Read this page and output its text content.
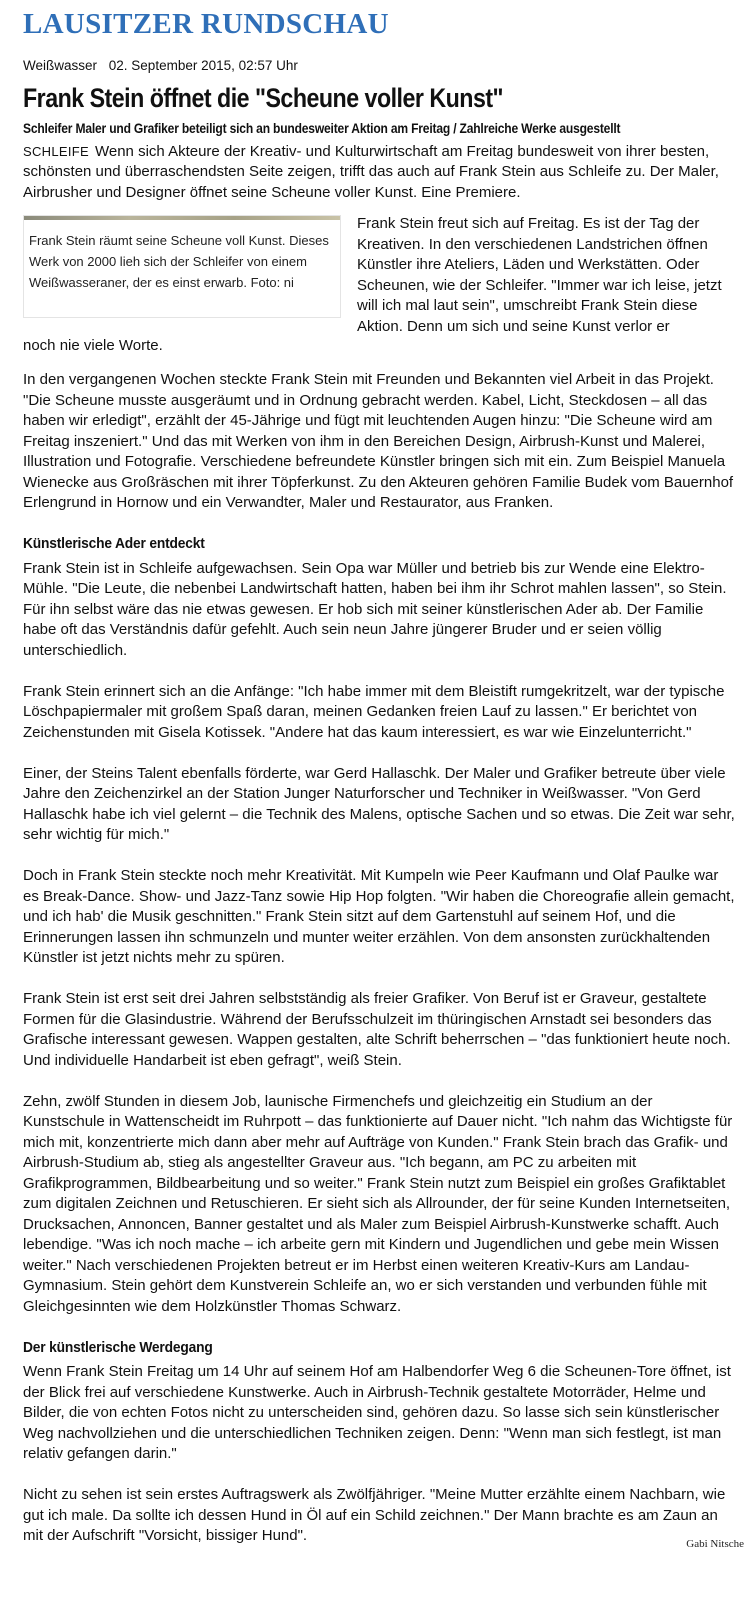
LAUSITZER RUNDSCHAU
Weißwasser 02. September 2015, 02:57 Uhr
Frank Stein öffnet die "Scheune voller Kunst"
Schleifer Maler und Grafiker beteiligt sich an bundesweiter Aktion am Freitag / Zahlreiche Werke ausgestellt

SCHLEIFE Wenn sich Akteure der Kreativ- und Kulturwirtschaft am Freitag bundesweit von ihrer besten, schönsten und überraschendsten Seite zeigen, trifft das auch auf Frank Stein aus Schleife zu. Der Maler, Airbrusher und Designer öffnet seine Scheune voller Kunst. Eine Premiere.

Frank Stein räumt seine Scheune voll Kunst. Dieses Werk von 2000 lieh sich der Schleifer von einem Weißwasseraner, der es einst erwarb. Foto: ni

Frank Stein freut sich auf Freitag. Es ist der Tag der Kreativen. In den verschiedenen Landstrichen öffnen Künstler ihre Ateliers, Läden und Werkstätten. Oder Scheunen, wie der Schleifer. "Immer war ich leise, jetzt will ich mal laut sein", umschreibt Frank Stein diese Aktion. Denn um sich und seine Kunst verlor er

noch nie viele Worte.

In den vergangenen Wochen steckte Frank Stein mit Freunden und Bekannten viel Arbeit in das Projekt. "Die Scheune musste ausgeräumt und in Ordnung gebracht werden. Kabel, Licht, Steckdosen – all das haben wir erledigt", erzählt der 45-Jährige und fügt mit leuchtenden Augen hinzu: "Die Scheune wird am Freitag inszeniert." Und das mit Werken von ihm in den Bereichen Design, Airbrush-Kunst und Malerei, Illustration und Fotografie. Verschiedene befreundete Künstler bringen sich mit ein. Zum Beispiel Manuela Wienecke aus Großräschen mit ihrer Töpferkunst. Zu den Akteuren gehören Familie Budek vom Bauernhof Erlengrund in Hornow und ein Verwandter, Maler und Restaurator, aus Franken.

Künstlerische Ader entdeckt

Frank Stein ist in Schleife aufgewachsen. Sein Opa war Müller und betrieb bis zur Wende eine Elektro-Mühle. "Die Leute, die nebenbei Landwirtschaft hatten, haben bei ihm ihr Schrot mahlen lassen", so Stein. Für ihn selbst wäre das nie etwas gewesen. Er hob sich mit seiner künstlerischen Ader ab. Der Familie habe oft das Verständnis dafür gefehlt. Auch sein neun Jahre jüngerer Bruder und er seien völlig unterschiedlich.

Frank Stein erinnert sich an die Anfänge: "Ich habe immer mit dem Bleistift rumgekritzelt, war der typische Löschpapiermaler mit großem Spaß daran, meinen Gedanken freien Lauf zu lassen." Er berichtet von Zeichenstunden mit Gisela Kotissek. "Andere hat das kaum interessiert, es war wie Einzelunterricht."

Einer, der Steins Talent ebenfalls förderte, war Gerd Hallaschk. Der Maler und Grafiker betreute über viele Jahre den Zeichenzirkel an der Station Junger Naturforscher und Techniker in Weißwasser. "Von Gerd Hallaschk habe ich viel gelernt – die Technik des Malens, optische Sachen und so etwas. Die Zeit war sehr, sehr wichtig für mich."

Doch in Frank Stein steckte noch mehr Kreativität. Mit Kumpeln wie Peer Kaufmann und Olaf Paulke war es Break-Dance. Show- und Jazz-Tanz sowie Hip Hop folgten. "Wir haben die Choreografie allein gemacht, und ich hab' die Musik geschnitten." Frank Stein sitzt auf dem Gartenstuhl auf seinem Hof, und die Erinnerungen lassen ihn schmunzeln und munter weiter erzählen. Von dem ansonsten zurückhaltenden Künstler ist jetzt nichts mehr zu spüren.

Frank Stein ist erst seit drei Jahren selbstständig als freier Grafiker. Von Beruf ist er Graveur, gestaltete Formen für die Glasindustrie. Während der Berufsschulzeit im thüringischen Arnstadt sei besonders das Grafische interessant gewesen. Wappen gestalten, alte Schrift beherrschen – "das funktioniert heute noch. Und individuelle Handarbeit ist eben gefragt", weiß Stein.

Zehn, zwölf Stunden in diesem Job, launische Firmenchefs und gleichzeitig ein Studium an der Kunstschule in Wattenscheidt im Ruhrpott – das funktionierte auf Dauer nicht. "Ich nahm das Wichtigste für mich mit, konzentrierte mich dann aber mehr auf Aufträge von Kunden." Frank Stein brach das Grafik- und Airbrush-Studium ab, stieg als angestellter Graveur aus. "Ich begann, am PC zu arbeiten mit Grafikprogrammen, Bildbearbeitung und so weiter." Frank Stein nutzt zum Beispiel ein großes Grafiktablet zum digitalen Zeichnen und Retuschieren. Er sieht sich als Allrounder, der für seine Kunden Internetseiten, Drucksachen, Annoncen, Banner gestaltet und als Maler zum Beispiel Airbrush-Kunstwerke schafft. Auch lebendige. "Was ich noch mache – ich arbeite gern mit Kindern und Jugendlichen und gebe mein Wissen weiter." Nach verschiedenen Projekten betreut er im Herbst einen weiteren Kreativ-Kurs am Landau-Gymnasium. Stein gehört dem Kunstverein Schleife an, wo er sich verstanden und verbunden fühle mit Gleichgesinnten wie dem Holzkünstler Thomas Schwarz.

Der künstlerische Werdegang

Wenn Frank Stein Freitag um 14 Uhr auf seinem Hof am Halbendorfer Weg 6 die Scheunen-Tore öffnet, ist der Blick frei auf verschiedene Kunstwerke. Auch in Airbrush-Technik gestaltete Motorräder, Helme und Bilder, die von echten Fotos nicht zu unterscheiden sind, gehören dazu. So lasse sich sein künstlerischer Weg nachvollziehen und die unterschiedlichen Techniken zeigen. Denn: "Wenn man sich festlegt, ist man relativ gefangen darin."

Nicht zu sehen ist sein erstes Auftragswerk als Zwölfjähriger. "Meine Mutter erzählte einem Nachbarn, wie gut ich male. Da sollte ich dessen Hund in Öl auf ein Schild zeichnen." Der Mann brachte es am Zaun an mit der Aufschrift "Vorsicht, bissiger Hund".	Gabi Nitsche
